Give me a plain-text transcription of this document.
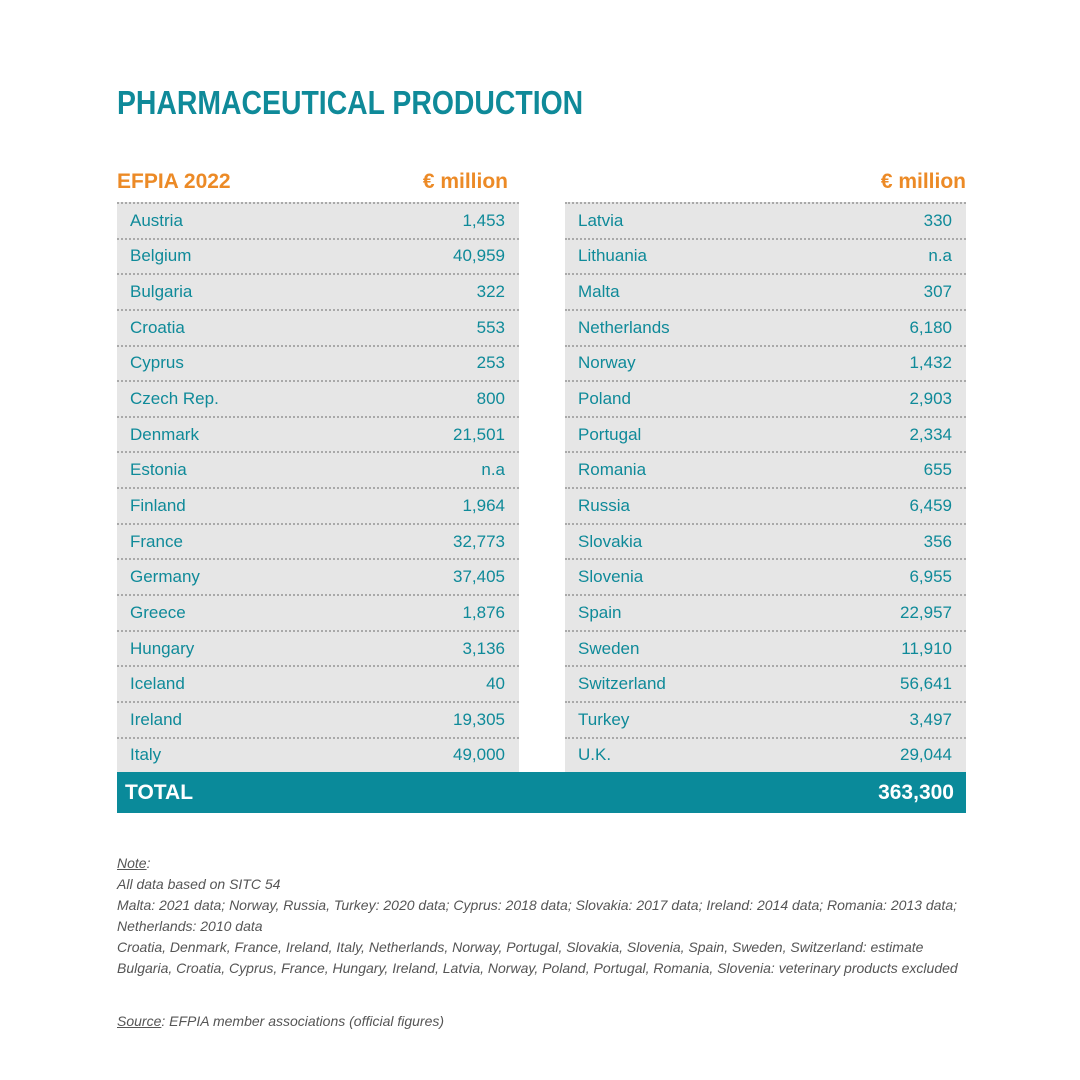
PHARMACEUTICAL PRODUCTION
EFPIA 2022	€ million	€ million
Austria	1,453
Belgium	40,959
Bulgaria	322
Croatia	553
Cyprus	253
Czech Rep.	800
Denmark	21,501
Estonia	n.a
Finland	1,964
France	32,773
Germany	37,405
Greece	1,876
Hungary	3,136
Iceland	40
Ireland	19,305
Italy	49,000
Latvia	330
Lithuania	n.a
Malta	307
Netherlands	6,180
Norway	1,432
Poland	2,903
Portugal	2,334
Romania	655
Russia	6,459
Slovakia	356
Slovenia	6,955
Spain	22,957
Sweden	11,910
Switzerland	56,641
Turkey	3,497
U.K.	29,044
TOTAL	363,300
Note:
All data based on SITC 54
Malta: 2021 data; Norway, Russia, Turkey: 2020 data; Cyprus: 2018 data; Slovakia: 2017 data; Ireland: 2014 data; Romania: 2013 data; Netherlands: 2010 data
Croatia, Denmark, France, Ireland, Italy, Netherlands, Norway, Portugal, Slovakia, Slovenia, Spain, Sweden, Switzerland: estimate
Bulgaria, Croatia, Cyprus, France, Hungary, Ireland, Latvia, Norway, Poland, Portugal, Romania, Slovenia: veterinary products excluded
Source: EFPIA member associations (official figures)
